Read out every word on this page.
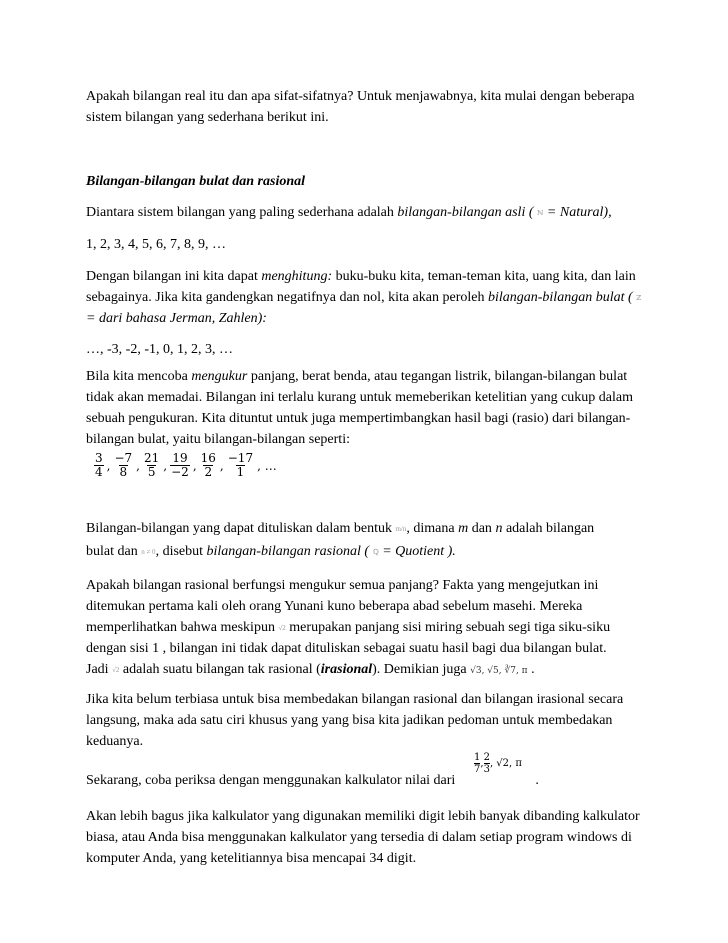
Apakah bilangan real itu dan apa sifat-sifatnya? Untuk menjawabnya, kita mulai dengan beberapa sistem bilangan yang sederhana berikut ini.

Bilangan-bilangan bulat dan rasional

Diantara sistem bilangan yang paling sederhana adalah bilangan-bilangan asli ( ℕ = Natural),

1, 2, 3, 4, 5, 6, 7, 8, 9, …

Dengan bilangan ini kita dapat menghitung: buku-buku kita, teman-teman kita, uang kita, dan lain sebagainya. Jika kita gandengkan negatifnya dan nol, kita akan peroleh bilangan-bilangan bulat ( ℤ = dari bahasa Jerman, Zahlen):

…, -3, -2, -1, 0, 1, 2, 3, …

Bila kita mencoba mengukur panjang, berat benda, atau tegangan listrik, bilangan-bilangan bulat tidak akan memadai. Bilangan ini terlalu kurang untuk memeberikan ketelitian yang cukup dalam sebuah pengukuran. Kita dituntut untuk juga mempertimbangkan hasil bagi (rasio) dari bilangan-bilangan bulat, yaitu bilangan-bilangan seperti:

$\frac{3}{4}$ , $\frac{-7}{8}$ , $\frac{21}{5}$ , $\frac{19}{-2}$ , $\frac{16}{2}$ , $\frac{-17}{1}$ , …

Bilangan-bilangan yang dapat dituliskan dalam bentuk m/n, dimana m dan n adalah bilangan

bulat dan n ≠ 0, disebut bilangan-bilangan rasional ( ℚ = Quotient ).

Apakah bilangan rasional berfungsi mengukur semua panjang? Fakta yang mengejutkan ini

ditemukan pertama kali oleh orang Yunani kuno beberapa abad sebelum masehi. Mereka

memperlihatkan bahwa meskipun √2 merupakan panjang sisi miring sebuah segi tiga siku-siku

dengan sisi 1 , bilangan ini tidak dapat dituliskan sebagai suatu hasil bagi dua bilangan bulat.

Jadi √2 adalah suatu bilangan tak rasional (irasional). Demikian juga √3, √5, ∛7, π .

Jika kita belum terbiasa untuk bisa membedakan bilangan rasional dan bilangan irasional secara langsung, maka ada satu ciri khusus yang yang bisa kita jadikan pedoman untuk membedakan keduanya.

$\frac{1}{7}$ , $\frac{2}{3}$ , √2, π

Sekarang, coba periksa dengan menggunakan kalkulator nilai dari	.

Akan lebih bagus jika kalkulator yang digunakan memiliki digit lebih banyak dibanding kalkulator biasa, atau Anda bisa menggunakan kalkulator yang tersedia di dalam setiap program windows di komputer Anda, yang ketelitiannya bisa mencapai 34 digit.
